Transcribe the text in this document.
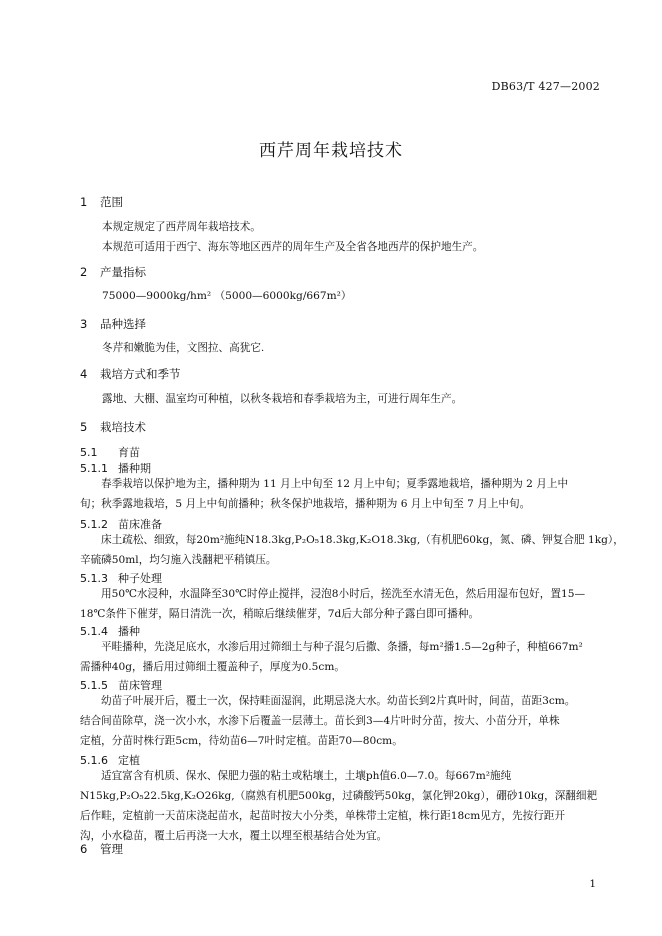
DB63/T 427—2002
西芹周年栽培技术
1 范围
本规定规定了西芹周年栽培技术。
本规范可适用于西宁、海东等地区西芹的周年生产及全省各地西芹的保护地生产。
2 产量指标
75000—9000kg/hm² （5000—6000kg/667m²）
3 品种选择
冬芹和嫩脆为佳，文图拉、高犹它.
4 栽培方式和季节
露地、大棚、温室均可种植，以秋冬栽培和春季栽培为主，可进行周年生产。
5 栽培技术
5.1 育苗
5.1.1 播种期
春季栽培以保护地为主，播种期为 11 月上中旬至 12 月上中旬；夏季露地栽培，播种期为 2 月上中
旬；秋季露地栽培，5 月上中旬前播种；秋冬保护地栽培，播种期为 6 月上中旬至 7 月上中旬。
5.1.2 苗床准备
床土疏松、细致，每20m²施纯N18.3kg,P₂O₅18.3kg,K₂O18.3kg,（有机肥60kg，氮、磷、钾复合肥 1kg），
辛硫磷50ml，均匀施入浅翻耙平稍镇压。
5.1.3 种子处理
用50℃水浸种，水温降至30℃时停止搅拌，浸泡8小时后，搓洗至水清无色，然后用湿布包好，置15—
18℃条件下催芽，隔日清洗一次，稍晾后继续催芽，7d后大部分种子露白即可播种。
5.1.4 播种
平畦播种，先浇足底水，水渗后用过筛细土与种子混匀后撒、条播，每m²播1.5—2g种子，种植667m²
需播种40g，播后用过筛细土覆盖种子，厚度为0.5cm。
5.1.5 苗床管理
幼苗子叶展开后，覆土一次，保持畦面湿润，此期忌浇大水。幼苗长到2片真叶时，间苗，苗距3cm。
结合间苗除草，浇一次小水，水渗下后覆盖一层薄土。苗长到3—4片叶时分苗，按大、小苗分开，单株
定植，分苗时株行距5cm，待幼苗6—7叶时定植。苗距70—80cm。
5.1.6 定植
适宜富含有机质、保水、保肥力强的粘土或粘壤土，土壤ph值6.0—7.0。每667m²施纯
N15kg,P₂O₅22.5kg,K₂O26kg,（腐熟有机肥500kg，过磷酸钙50kg，氯化钾20kg），硼砂10kg，深翻细耙
后作畦，定植前一天苗床浇起苗水，起苗时按大小分类，单株带土定植，株行距18cm见方，先按行距开
沟，小水稳苗，覆土后再浇一大水，覆土以埋至根基结合处为宜。
6 管理
1
